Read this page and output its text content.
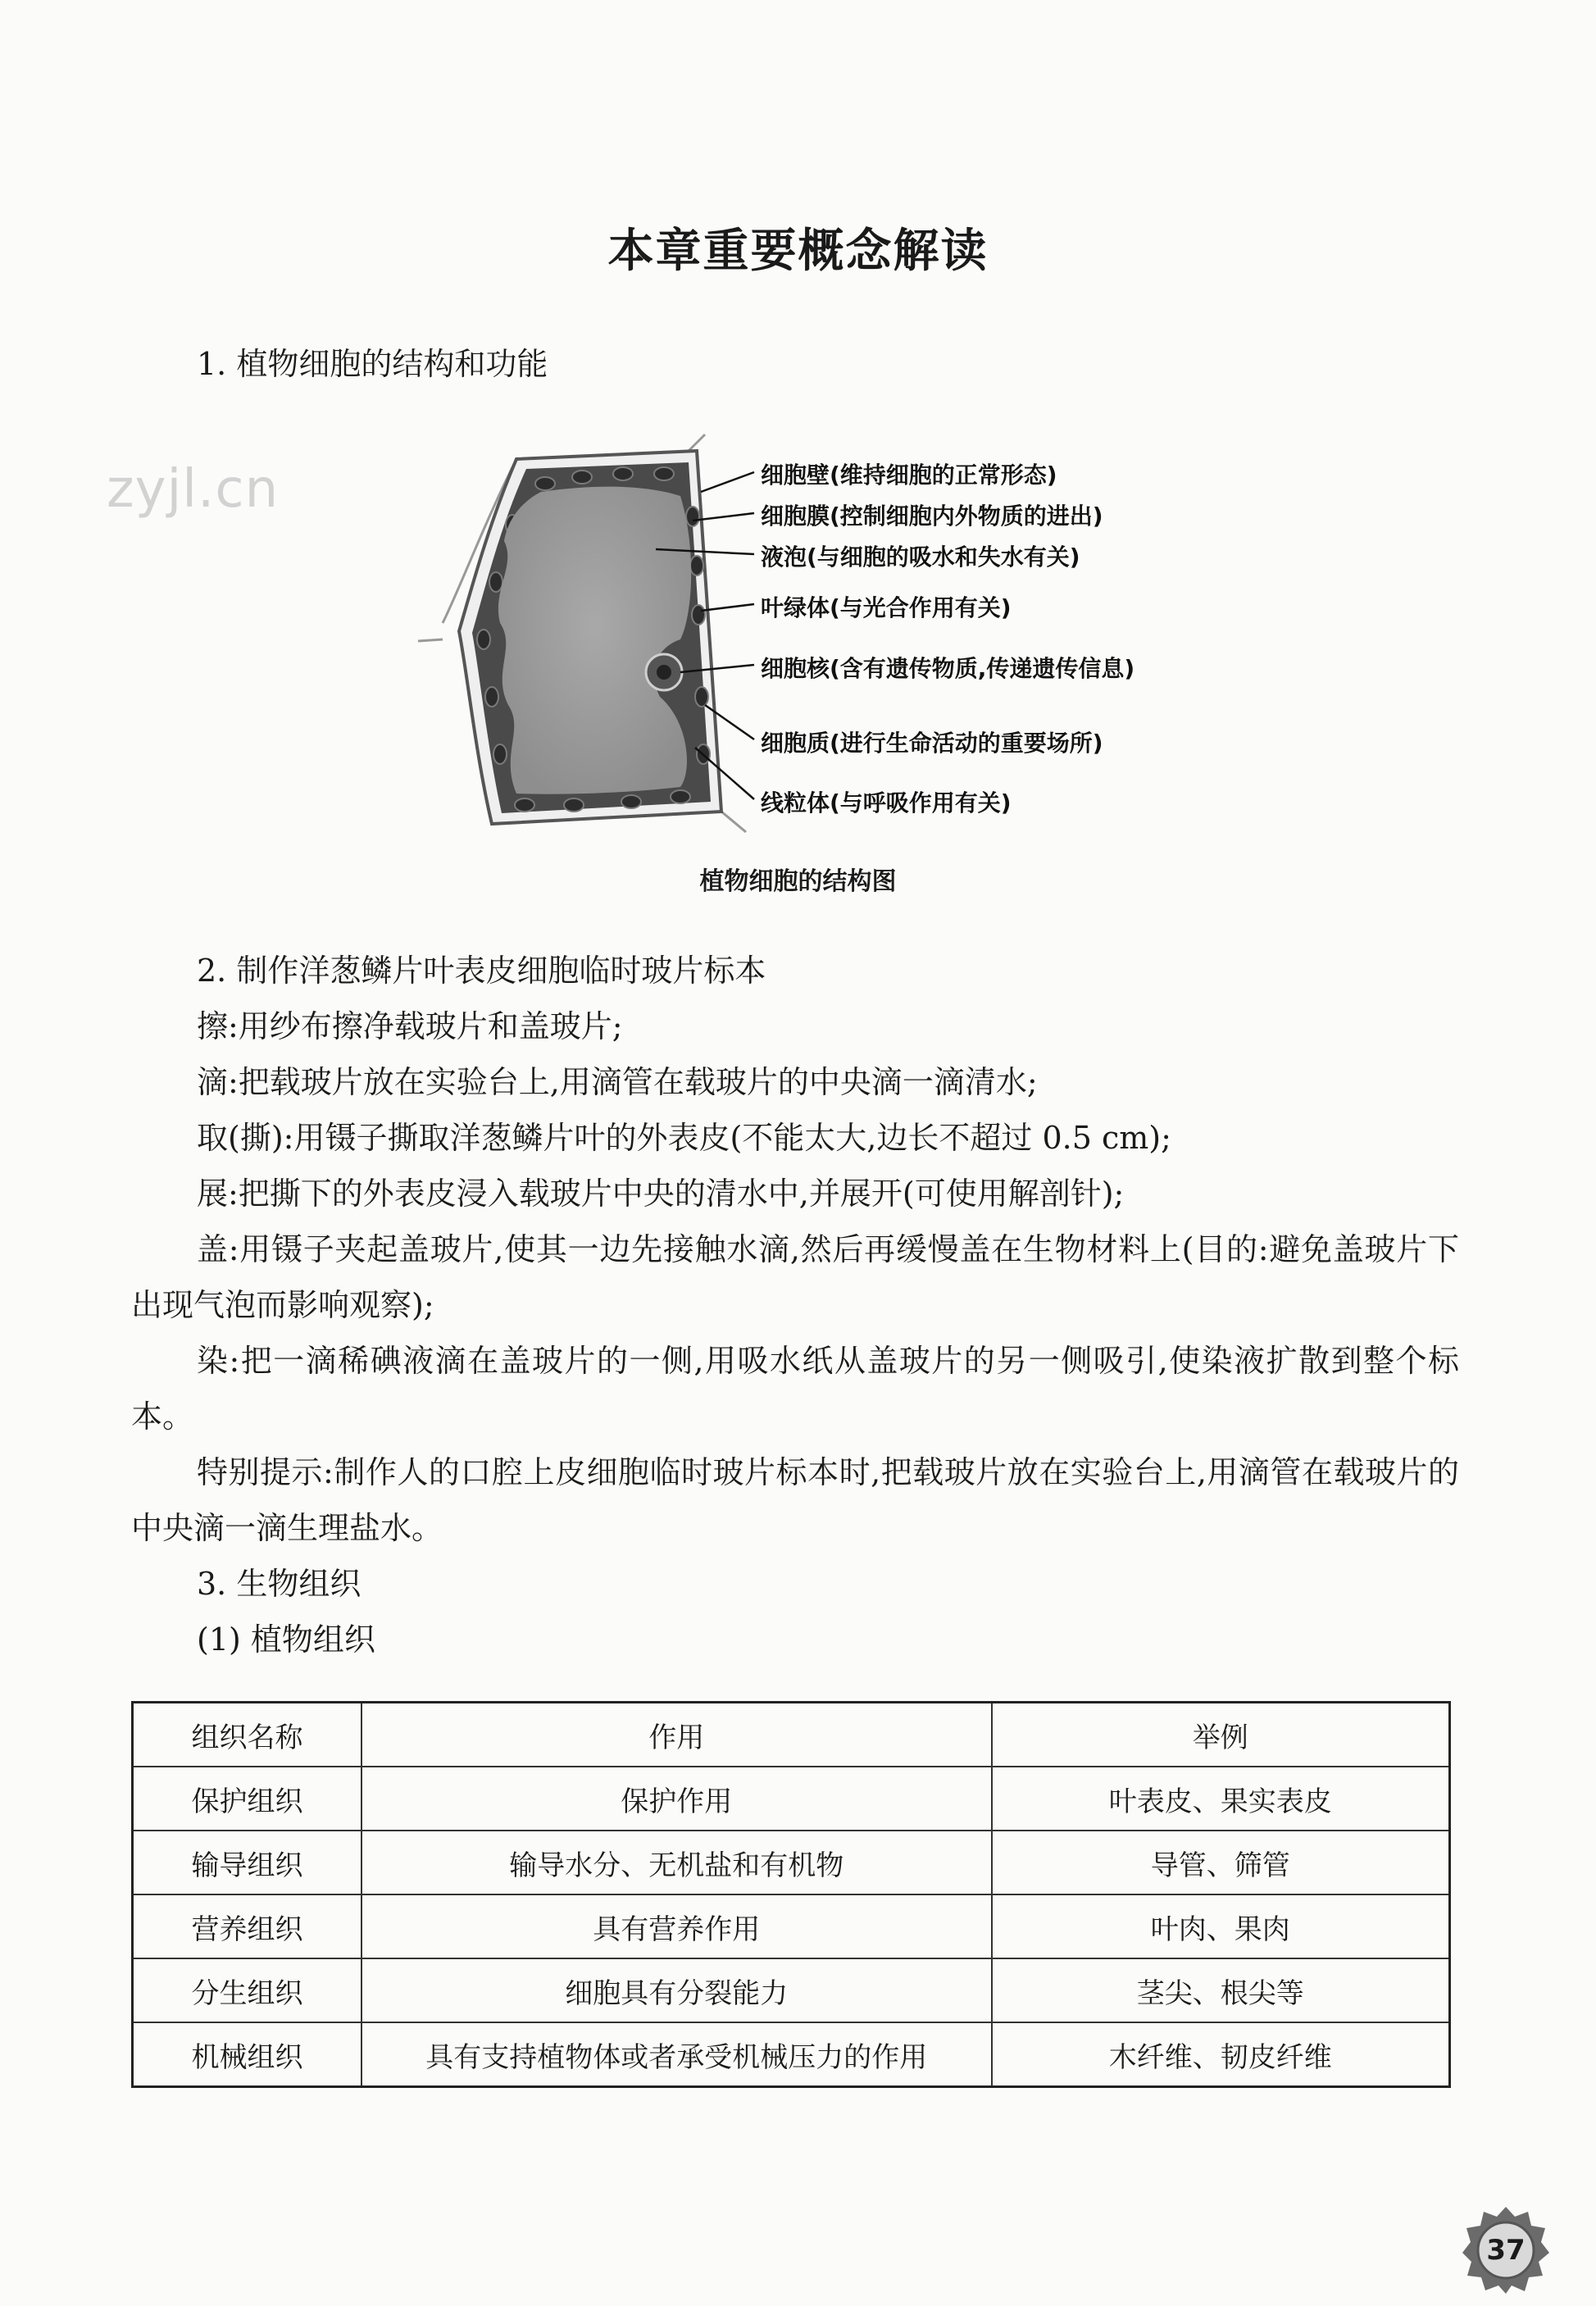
zyjl.cn
本章重要概念解读
1. 植物细胞的结构和功能
细胞壁(维持细胞的正常形态)
细胞膜(控制细胞内外物质的进出)
液泡(与细胞的吸水和失水有关)
叶绿体(与光合作用有关)
细胞核(含有遗传物质,传递遗传信息)
细胞质(进行生命活动的重要场所)
线粒体(与呼吸作用有关)
植物细胞的结构图
2. 制作洋葱鳞片叶表皮细胞临时玻片标本
擦:用纱布擦净载玻片和盖玻片;
滴:把载玻片放在实验台上,用滴管在载玻片的中央滴一滴清水;
取(撕):用镊子撕取洋葱鳞片叶的外表皮(不能太大,边长不超过 0.5 cm);
展:把撕下的外表皮浸入载玻片中央的清水中,并展开(可使用解剖针);
盖:用镊子夹起盖玻片,使其一边先接触水滴,然后再缓慢盖在生物材料上(目的:避免盖玻片下出现气泡而影响观察);
染:把一滴稀碘液滴在盖玻片的一侧,用吸水纸从盖玻片的另一侧吸引,使染液扩散到整个标本。
特别提示:制作人的口腔上皮细胞临时玻片标本时,把载玻片放在实验台上,用滴管在载玻片的中央滴一滴生理盐水。
3. 生物组织
(1) 植物组织
组织名称	作用	举例
保护组织	保护作用	叶表皮、果实表皮
输导组织	输导水分、无机盐和有机物	导管、筛管
营养组织	具有营养作用	叶肉、果肉
分生组织	细胞具有分裂能力	茎尖、根尖等
机械组织	具有支持植物体或者承受机械压力的作用	木纤维、韧皮纤维
37
